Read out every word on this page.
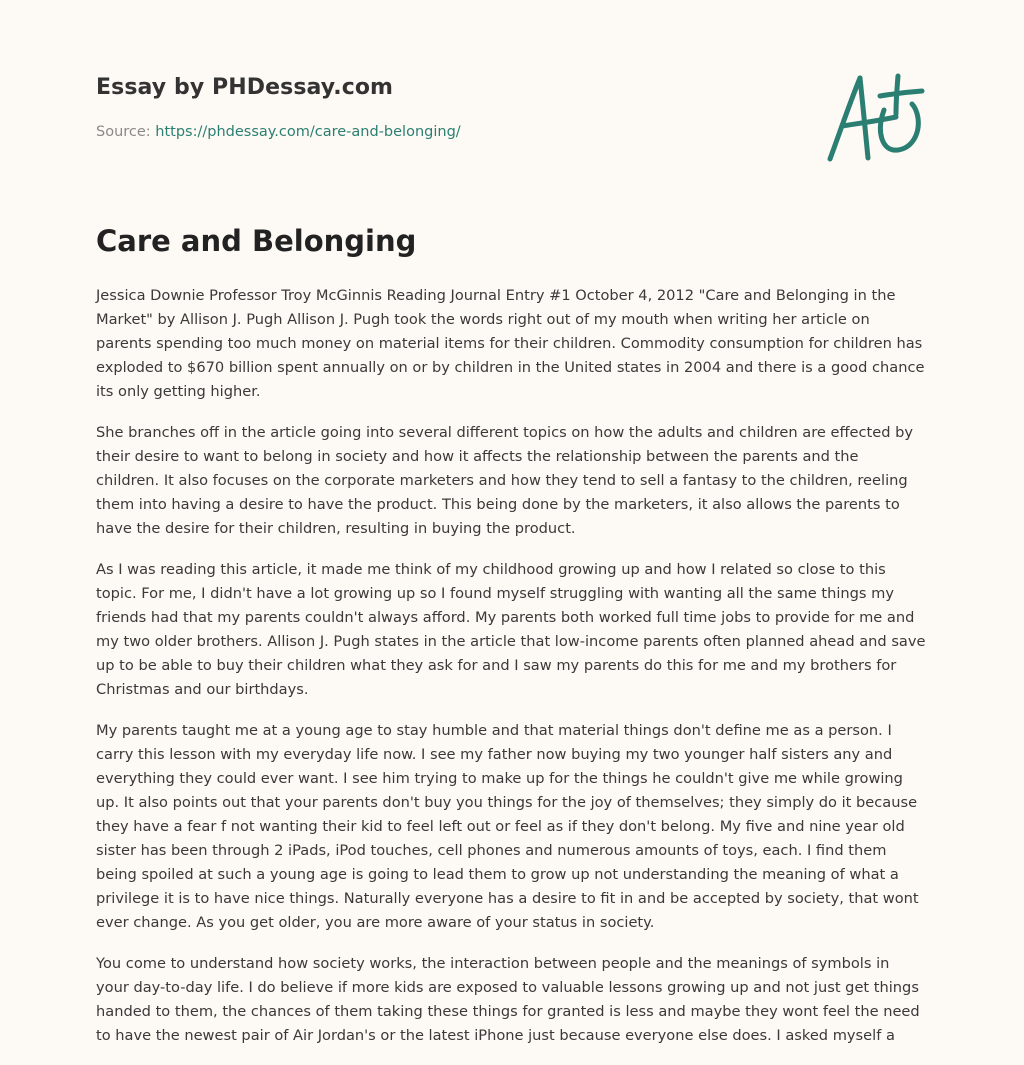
Essay by PHDessay.com
Source: https://phdessay.com/care-and-belonging/
Care and Belonging

Jessica Downie Professor Troy McGinnis Reading Journal Entry #1 October 4, 2012 "Care and Belonging in the Market" by Allison J. Pugh Allison J. Pugh took the words right out of my mouth when writing her article on parents spending too much money on material items for their children. Commodity consumption for children has exploded to $670 billion spent annually on or by children in the United states in 2004 and there is a good chance its only getting higher.

She branches off in the article going into several different topics on how the adults and children are effected by their desire to want to belong in society and how it affects the relationship between the parents and the children. It also focuses on the corporate marketers and how they tend to sell a fantasy to the children, reeling them into having a desire to have the product. This being done by the marketers, it also allows the parents to have the desire for their children, resulting in buying the product.

As I was reading this article, it made me think of my childhood growing up and how I related so close to this topic. For me, I didn't have a lot growing up so I found myself struggling with wanting all the same things my friends had that my parents couldn't always afford. My parents both worked full time jobs to provide for me and my two older brothers. Allison J. Pugh states in the article that low-income parents often planned ahead and save up to be able to buy their children what they ask for and I saw my parents do this for me and my brothers for Christmas and our birthdays.

My parents taught me at a young age to stay humble and that material things don't define me as a person. I carry this lesson with my everyday life now. I see my father now buying my two younger half sisters any and everything they could ever want. I see him trying to make up for the things he couldn't give me while growing up. It also points out that your parents don't buy you things for the joy of themselves; they simply do it because they have a fear f not wanting their kid to feel left out or feel as if they don't belong. My five and nine year old sister has been through 2 iPads, iPod touches, cell phones and numerous amounts of toys, each. I find them being spoiled at such a young age is going to lead them to grow up not understanding the meaning of what a privilege it is to have nice things. Naturally everyone has a desire to fit in and be accepted by society, that wont ever change. As you get older, you are more aware of your status in society.

You come to understand how society works, the interaction between people and the meanings of symbols in your day-to-day life. I do believe if more kids are exposed to valuable lessons growing up and not just get things handed to them, the chances of them taking these things for granted is less and maybe they wont feel the need to have the newest pair of Air Jordan's or the latest iPhone just because everyone else does. I asked myself a
